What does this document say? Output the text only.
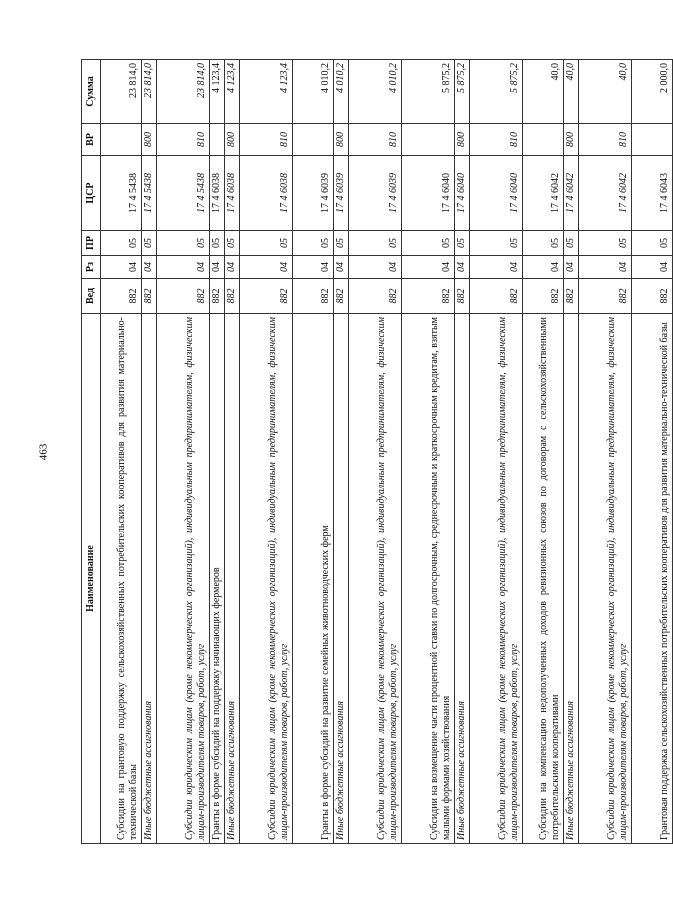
463
Наименование	Вед	Рз	ПР	ЦСР	ВР	Сумма
Субсидии на грантовую поддержку сельскохозяйственных потребительских кооперативов для развития материально-технической базы	882	04	05	17 4 5438		23 814,0
Иные бюджетные ассигнования	882	04	05	17 4 5438	800	23 814,0
Субсидии юридическим лицам (кроме некоммерческих организаций), индивидуальным предпринимателям, физическим лицам-производителям товаров, работ, услуг	882	04	05	17 4 5438	810	23 814,0
Гранты в форме субсидий на поддержку начинающих фермеров	882	04	05	17 4 6038		4 123,4
Иные бюджетные ассигнования	882	04	05	17 4 6038	800	4 123,4
Субсидии юридическим лицам (кроме некоммерческих организаций), индивидуальным предпринимателям, физическим лицам-производителям товаров, работ, услуг	882	04	05	17 4 6038	810	4 123,4
Гранты в форме субсидий на развитие семейных животноводческих ферм	882	04	05	17 4 6039		4 010,2
Иные бюджетные ассигнования	882	04	05	17 4 6039	800	4 010,2
Субсидии юридическим лицам (кроме некоммерческих организаций), индивидуальным предпринимателям, физическим лицам-производителям товаров, работ, услуг	882	04	05	17 4 6039	810	4 010,2
Субсидии на возмещение части процентной ставки по долгосрочным, среднесрочным и краткосрочным кредитам, взятым малыми формами хозяйствования	882	04	05	17 4 6040		5 875,2
Иные бюджетные ассигнования	882	04	05	17 4 6040	800	5 875,2
Субсидии юридическим лицам (кроме некоммерческих организаций), индивидуальным предпринимателям, физическим лицам-производителям товаров, работ, услуг	882	04	05	17 4 6040	810	5 875,2
Субсидии на компенсацию недополученных доходов ревизионных союзов по договорам с сельскохозяйственными потребительскими кооперативами	882	04	05	17 4 6042		40,0
Иные бюджетные ассигнования	882	04	05	17 4 6042	800	40,0
Субсидии юридическим лицам (кроме некоммерческих организаций), индивидуальным предпринимателям, физическим лицам-производителям товаров, работ, услуг	882	04	05	17 4 6042	810	40,0
Грантовая поддержка сельскохозяйственных потребительских кооперативов для развития материально-технической базы	882	04	05	17 4 6043		2 000,0
